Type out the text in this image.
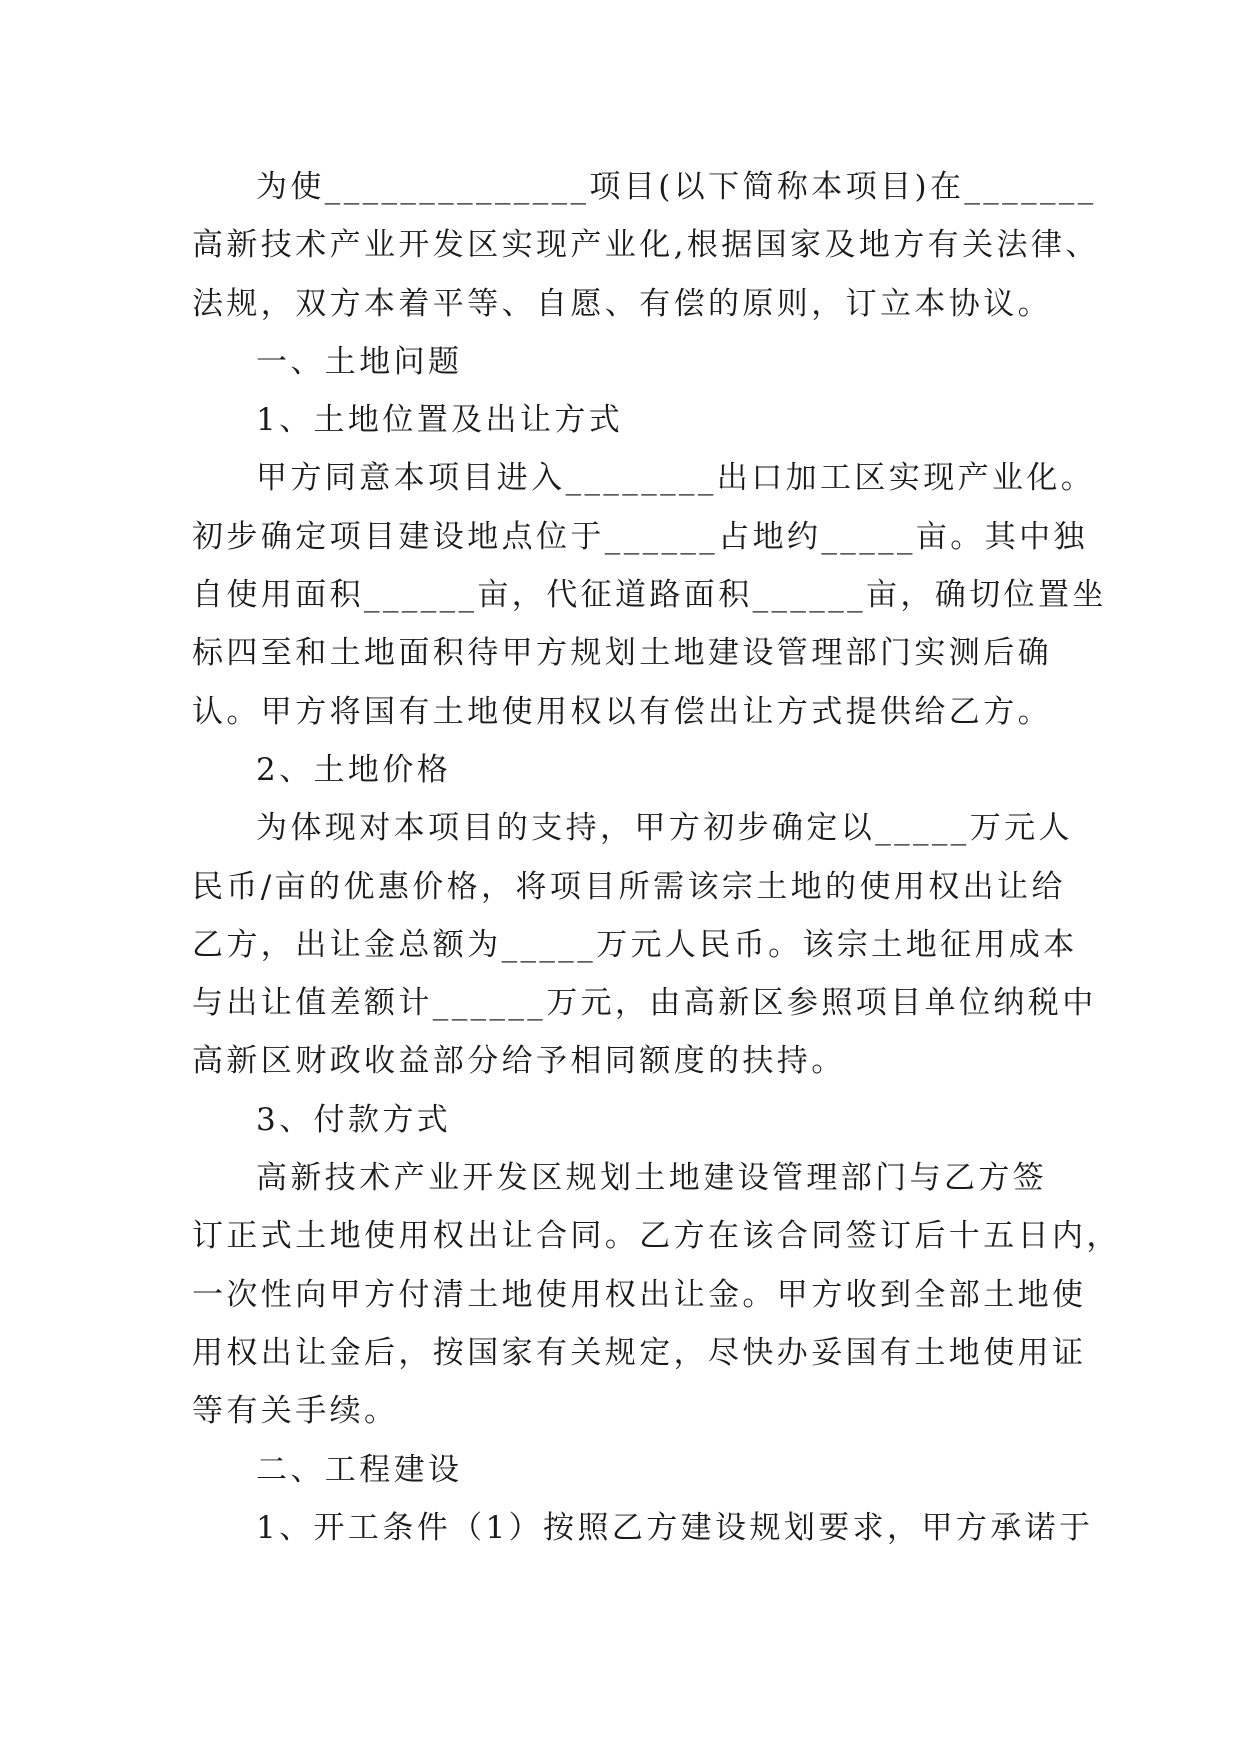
为使______________项目(以下简称本项目)在_______
高新技术产业开发区实现产业化,根据国家及地方有关法律、
法规，双方本着平等、自愿、有偿的原则，订立本协议。
一、土地问题
1、土地位置及出让方式
甲方同意本项目进入________出口加工区实现产业化。
初步确定项目建设地点位于______占地约_____亩。其中独
自使用面积______亩，代征道路面积______亩，确切位置坐
标四至和土地面积待甲方规划土地建设管理部门实测后确
认。甲方将国有土地使用权以有偿出让方式提供给乙方。
2、土地价格
为体现对本项目的支持，甲方初步确定以_____万元人
民币/亩的优惠价格，将项目所需该宗土地的使用权出让给
乙方，出让金总额为_____万元人民币。该宗土地征用成本
与出让值差额计______万元，由高新区参照项目单位纳税中
高新区财政收益部分给予相同额度的扶持。
3、付款方式
高新技术产业开发区规划土地建设管理部门与乙方签
订正式土地使用权出让合同。乙方在该合同签订后十五日内，
一次性向甲方付清土地使用权出让金。甲方收到全部土地使
用权出让金后，按国家有关规定，尽快办妥国有土地使用证
等有关手续。
二、工程建设
1、开工条件（1）按照乙方建设规划要求，甲方承诺于
